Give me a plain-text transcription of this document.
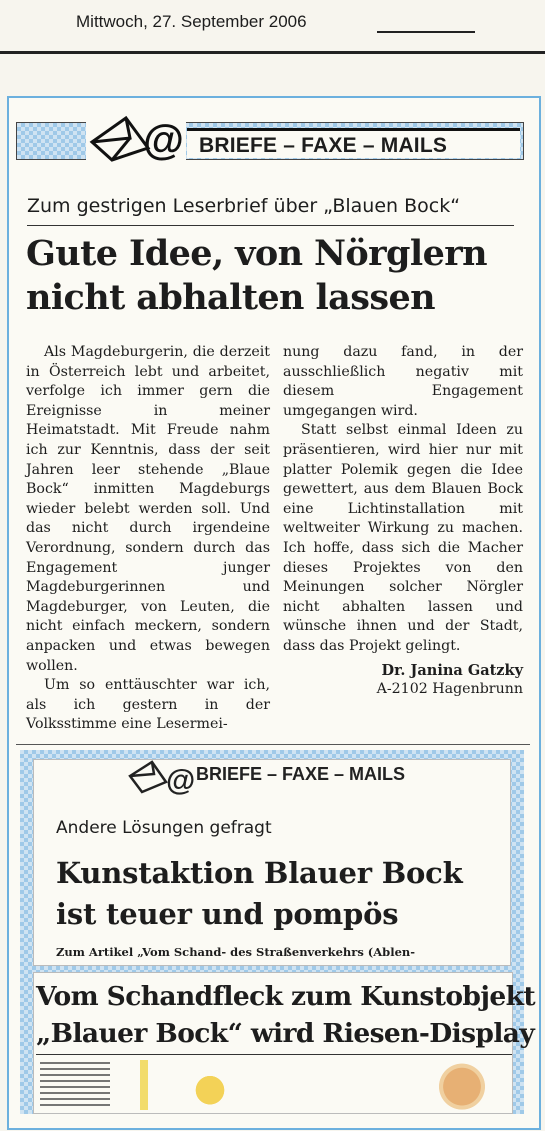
Mittwoch, 27. September 2006
@ BRIEFE – FAXE – MAILS
Zum gestrigen Leserbrief über „Blauen Bock“
Gute Idee, von Nörglern
nicht abhalten lassen

Als Magdeburgerin, die derzeit in Österreich lebt und arbeitet, verfolge ich immer gern die Ereignisse in meiner Heimatstadt. Mit Freude nahm ich zur Kenntnis, dass der seit Jahren leer stehende „Blaue Bock“ inmitten Magdeburgs wieder belebt werden soll. Und das nicht durch irgendeine Verordnung, sondern durch das Engagement junger Magdeburgerinnen und Magdeburger, von Leuten, die nicht einfach meckern, sondern anpacken und etwas bewegen wollen.

Um so enttäuschter war ich, als ich gestern in der Volksstimme eine Lesermei-

nung dazu fand, in der ausschließlich negativ mit diesem Engagement umgegangen wird.

Statt selbst einmal Ideen zu präsentieren, wird hier nur mit platter Polemik gegen die Idee gewettert, aus dem Blauen Bock eine Lichtinstallation mit weltweiter Wirkung zu machen. Ich hoffe, dass sich die Macher dieses Projektes von den Meinungen solcher Nörgler nicht abhalten lassen und wünsche ihnen und der Stadt, dass das Projekt gelingt.

Dr. Janina Gatzky
A-2102 Hagenbrunn
@ BRIEFE – FAXE – MAILS
Andere Lösungen gefragt
Kunstaktion Blauer Bock
ist teuer und pompös
Zum Artikel „Vom Schand- des Straßenverkehrs (Ablen-
Vom Schandfleck zum Kunstobjekt
„Blauer Bock“ wird Riesen-Display
